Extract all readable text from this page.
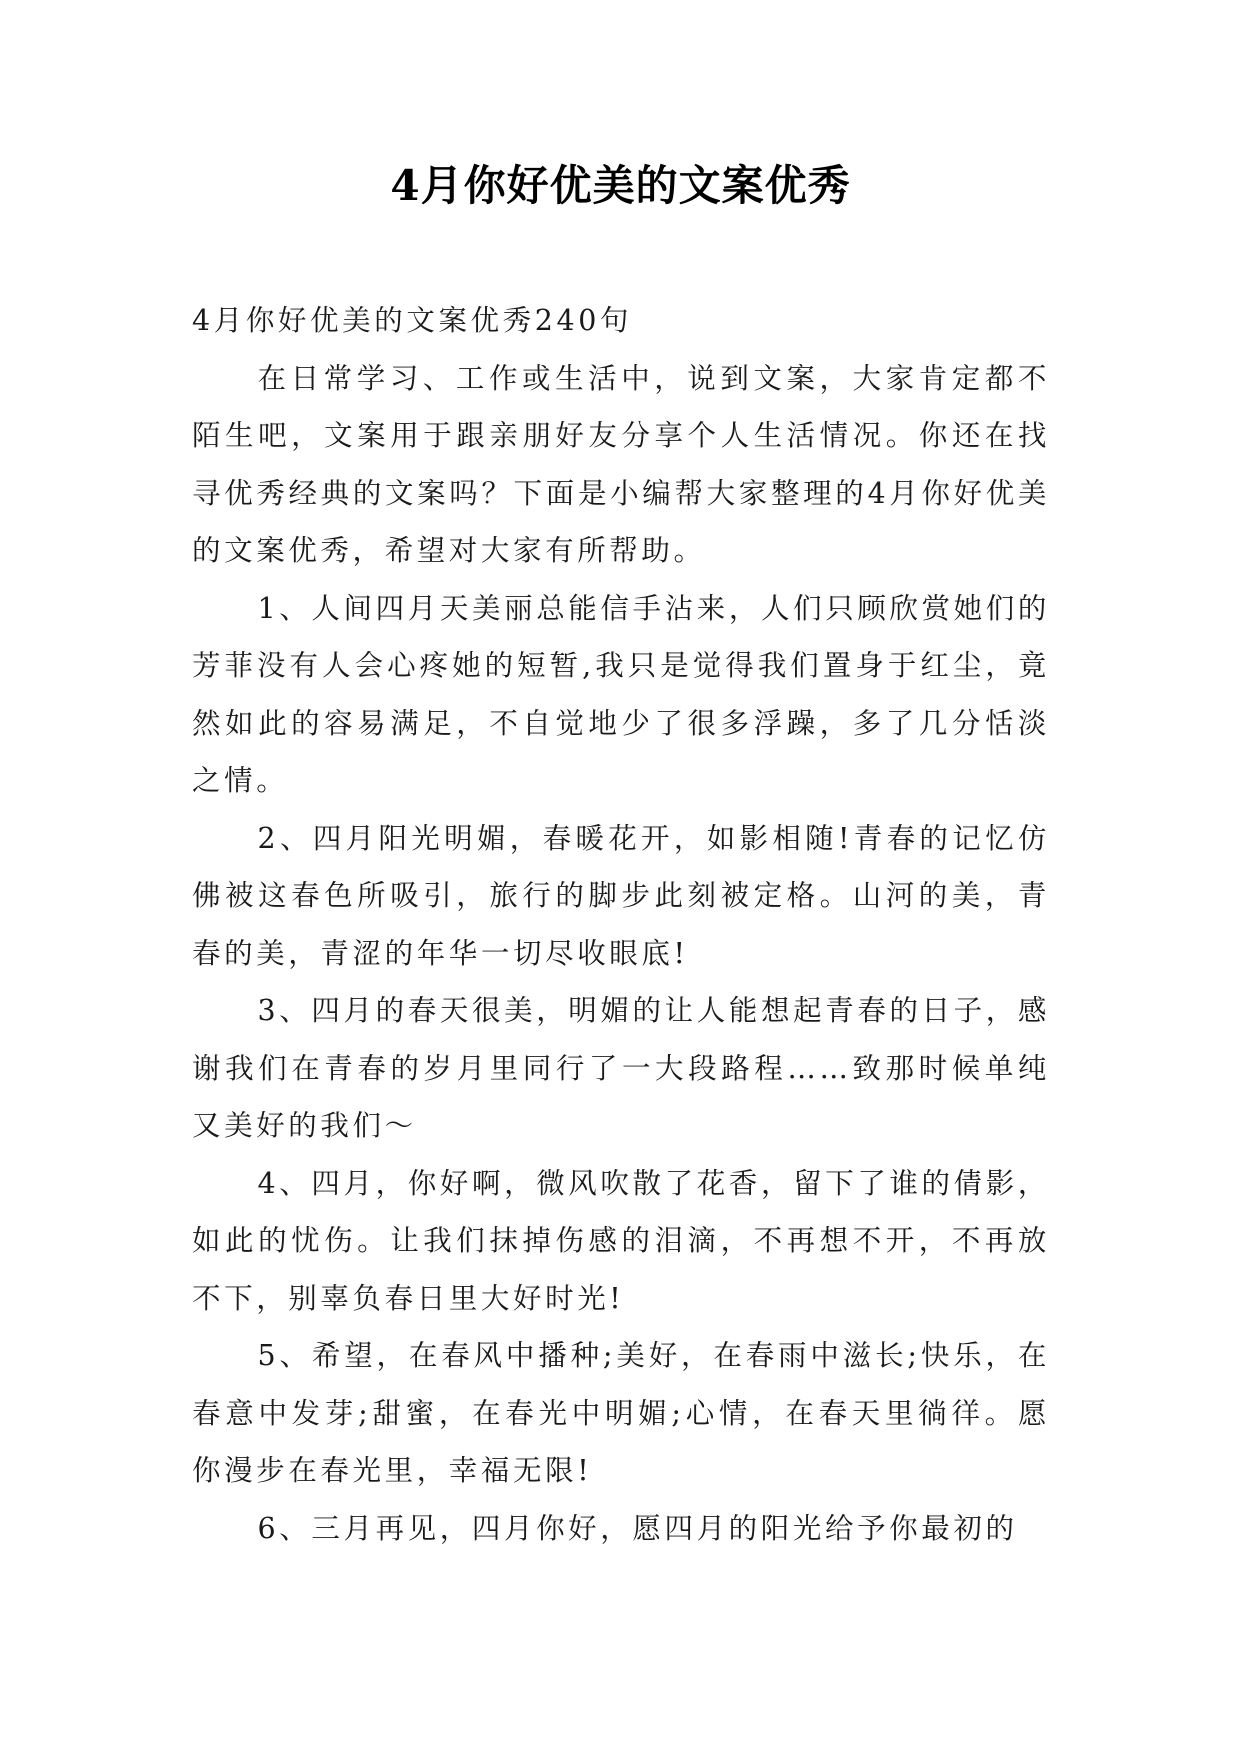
4月你好优美的文案优秀

4月你好优美的文案优秀240句

在日常学习、工作或生活中，说到文案，大家肯定都不陌生吧，文案用于跟亲朋好友分享个人生活情况。你还在找寻优秀经典的文案吗？下面是小编帮大家整理的4月你好优美的文案优秀，希望对大家有所帮助。

1、人间四月天美丽总能信手沾来，人们只顾欣赏她们的芳菲没有人会心疼她的短暂,我只是觉得我们置身于红尘，竟然如此的容易满足，不自觉地少了很多浮躁，多了几分恬淡之情。

2、四月阳光明媚，春暖花开，如影相随!青春的记忆仿佛被这春色所吸引，旅行的脚步此刻被定格。山河的美，青春的美，青涩的年华一切尽收眼底!

3、四月的春天很美，明媚的让人能想起青春的日子，感谢我们在青春的岁月里同行了一大段路程……致那时候单纯又美好的我们～

4、四月，你好啊，微风吹散了花香，留下了谁的倩影，如此的忧伤。让我们抹掉伤感的泪滴，不再想不开，不再放不下，别辜负春日里大好时光!

5、希望，在春风中播种;美好，在春雨中滋长;快乐，在春意中发芽;甜蜜，在春光中明媚;心情，在春天里徜徉。愿你漫步在春光里，幸福无限!

6、三月再见，四月你好，愿四月的阳光给予你最初的
